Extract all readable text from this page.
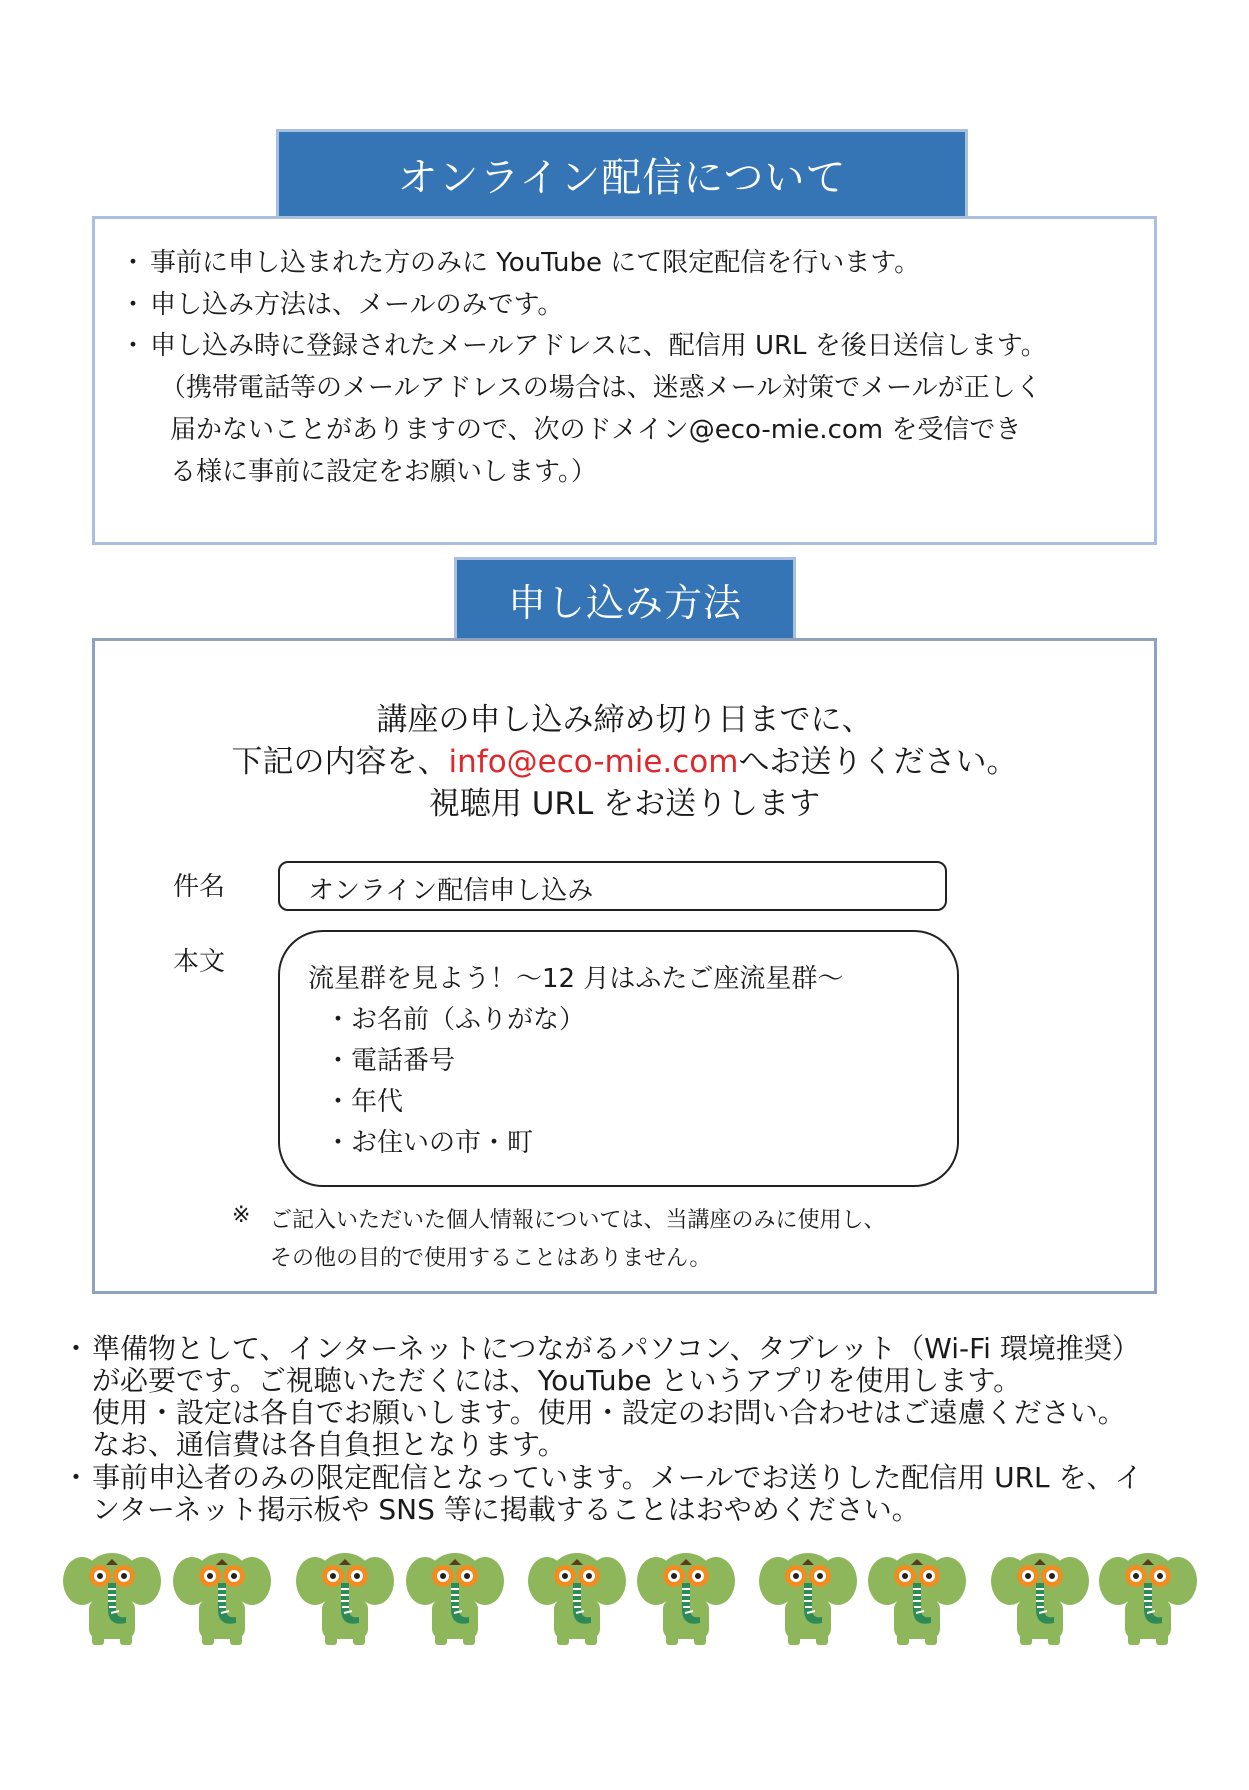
オンライン配信について
・ 事前に申し込まれた方のみに YouTube にて限定配信を行います。
・ 申し込み方法は、メールのみです。
・ 申し込み時に登録されたメールアドレスに、配信用 URL を後日送信します。
（携帯電話等のメールアドレスの場合は、迷惑メール対策でメールが正しく
届かないことがありますので、次のドメイン@eco-mie.com を受信でき
る様に事前に設定をお願いします。）
申し込み方法
講座の申し込み締め切り日までに、
下記の内容を、info@eco-mie.comへお送りください。
視聴用 URL をお送りします
件名	オンライン配信申し込み
本文
流星群を見よう！～12 月はふたご座流星群～
・お名前（ふりがな）
・電話番号
・年代
・お住いの市・町
※ ご記入いただいた個人情報については、当講座のみに使用し、
その他の目的で使用することはありません。
・ 準備物として、インターネットにつながるパソコン、タブレット（Wi-Fi 環境推奨）
が必要です。ご視聴いただくには、YouTube というアプリを使用します。
使用・設定は各自でお願いします。使用・設定のお問い合わせはご遠慮ください。
なお、通信費は各自負担となります。
・ 事前申込者のみの限定配信となっています。メールでお送りした配信用 URL を、イ
ンターネット掲示板や SNS 等に掲載することはおやめください。
